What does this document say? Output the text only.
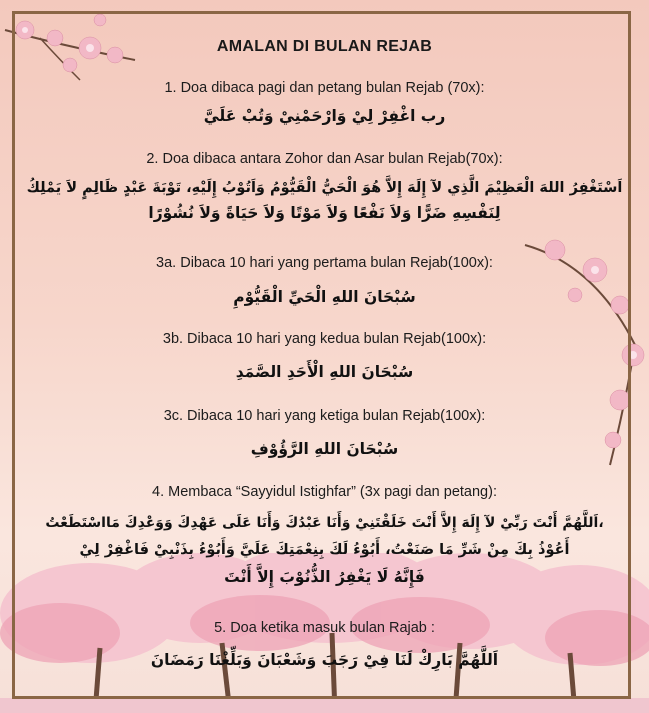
AMALAN DI BULAN REJAB
1. Doa dibaca pagi dan petang bulan Rejab (70x):
رب اغْفِرْ لِيْ وَارْحَمْنِيْ وَتُبْ عَلَيَّ
2. Doa dibaca antara Zohor dan Asar bulan Rejab(70x):
اَسْتَغْفِرُ اللهَ الْعَظِيْمَ الَّذِي لآ إِلَهَ إِلاَّ هُوَ الْحَيُّ الْقَيُّوْمُ وَاَتُوْبُ إِلَيْهِ، تَوْبَةَ عَبْدٍ ظَالِمٍ لاَ يَمْلِكُ
لِنَفْسِهِ ضَرًّا وَلاَ نَفْعًا وَلاَ مَوْتًا وَلاَ حَيَاةً وَلاَ نُشُوْرًا
3a. Dibaca 10 hari yang pertama bulan Rejab(100x):
سُبْحَانَ اللهِ الْحَيِّ الْقَيُّوْمِ
3b. Dibaca 10 hari yang kedua bulan Rejab(100x):
سُبْحَانَ اللهِ الْأَحَدِ الصَّمَدِ
3c. Dibaca 10 hari yang ketiga bulan Rejab(100x):
سُبْحَانَ اللهِ الرَّؤُوْفِ
4. Membaca “Sayyidul Istighfar” (3x pagi dan petang):
،اَللَّهُمَّ أَنْتَ رَبِّيْ لآ إِلَهَ إِلاَّ أَنْتَ خَلَقْتَنِيْ وَأَنَا عَبْدُكَ وَأَنَا عَلَى عَهْدِكَ وَوَعْدِكَ مَااسْتَطَعْتُ
أَعُوْذُ بِكَ مِنْ شَرِّ مَا صَنَعْتُ، أَبُوْءُ لَكَ بِنِعْمَتِكَ عَلَيَّ وَأَبُوْءُ بِذَنْبِيْ فَاغْفِرْ لِيْ
فَإِنَّهُ لَا يَغْفِرُ الذُّنُوْبَ إِلاَّ أَنْتَ
5. Doa ketika masuk bulan Rajab :
اَللَّهُمَّ بَارِكْ لَنَا فِيْ رَجَبَ وَشَعْبَانَ وَبَلِّغْنَا رَمَضَانَ
